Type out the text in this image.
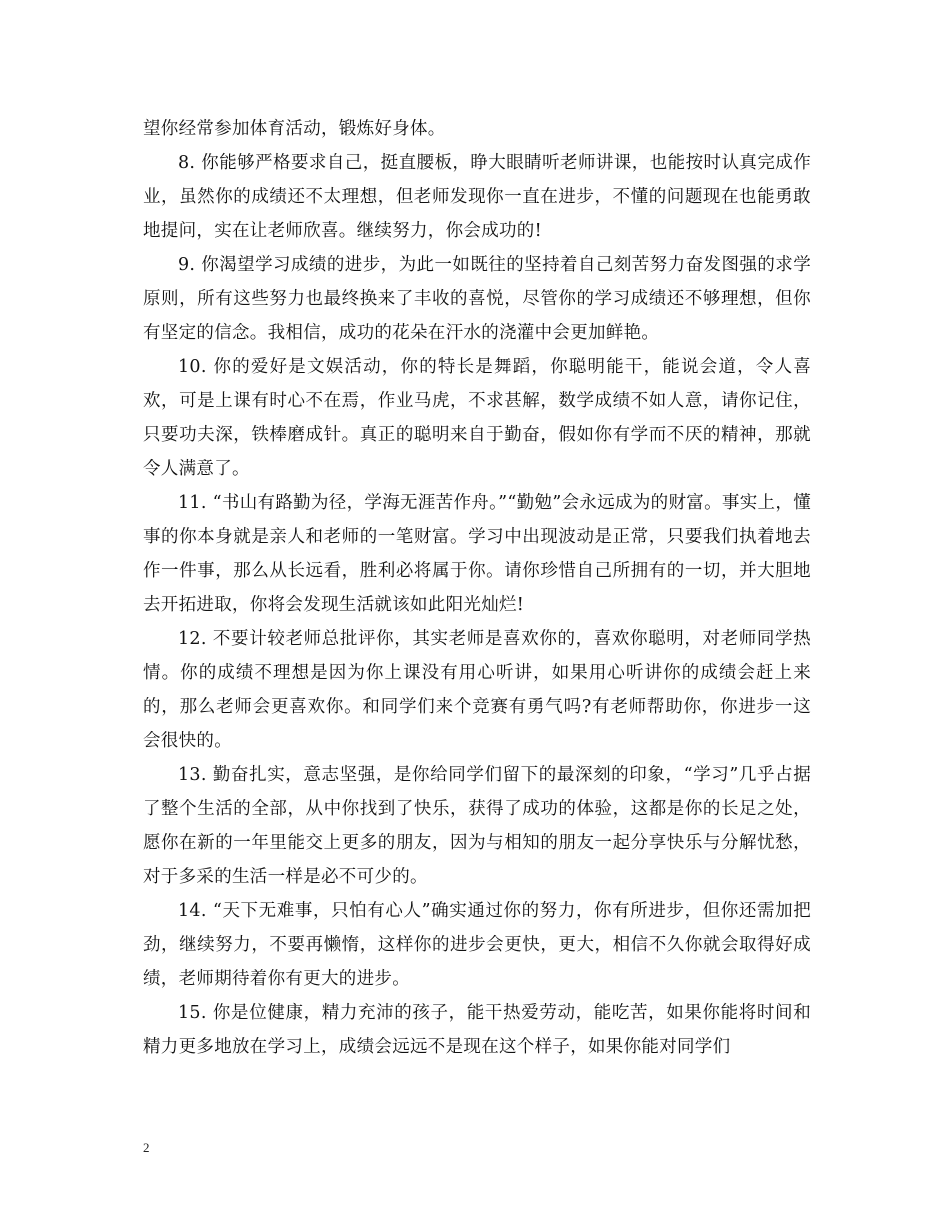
望你经常参加体育活动，锻炼好身体。

8. 你能够严格要求自己，挺直腰板，睁大眼睛听老师讲课，也能按时认真完成作业，虽然你的成绩还不太理想，但老师发现你一直在进步，不懂的问题现在也能勇敢地提问，实在让老师欣喜。继续努力，你会成功的!

9. 你渴望学习成绩的进步，为此一如既往的坚持着自己刻苦努力奋发图强的求学原则，所有这些努力也最终换来了丰收的喜悦，尽管你的学习成绩还不够理想，但你有坚定的信念。我相信，成功的花朵在汗水的浇灌中会更加鲜艳。

10. 你的爱好是文娱活动，你的特长是舞蹈，你聪明能干，能说会道，令人喜欢，可是上课有时心不在焉，作业马虎，不求甚解，数学成绩不如人意，请你记住，只要功夫深，铁棒磨成针。真正的聪明来自于勤奋，假如你有学而不厌的精神，那就令人满意了。

11. “书山有路勤为径，学海无涯苦作舟。”“勤勉”会永远成为的财富。事实上，懂事的你本身就是亲人和老师的一笔财富。学习中出现波动是正常，只要我们执着地去作一件事，那么从长远看，胜利必将属于你。请你珍惜自己所拥有的一切，并大胆地去开拓进取，你将会发现生活就该如此阳光灿烂!

12. 不要计较老师总批评你，其实老师是喜欢你的，喜欢你聪明，对老师同学热情。你的成绩不理想是因为你上课没有用心听讲，如果用心听讲你的成绩会赶上来的，那么老师会更喜欢你。和同学们来个竞赛有勇气吗?有老师帮助你，你进步一这会很快的。

13. 勤奋扎实，意志坚强，是你给同学们留下的最深刻的印象，“学习”几乎占据了整个生活的全部，从中你找到了快乐，获得了成功的体验，这都是你的长足之处，愿你在新的一年里能交上更多的朋友，因为与相知的朋友一起分享快乐与分解忧愁，对于多采的生活一样是必不可少的。

14. “天下无难事，只怕有心人”确实通过你的努力，你有所进步，但你还需加把劲，继续努力，不要再懒惰，这样你的进步会更快，更大，相信不久你就会取得好成绩，老师期待着你有更大的进步。

15. 你是位健康，精力充沛的孩子，能干热爱劳动，能吃苦，如果你能将时间和精力更多地放在学习上，成绩会远远不是现在这个样子，如果你能对同学们

2
